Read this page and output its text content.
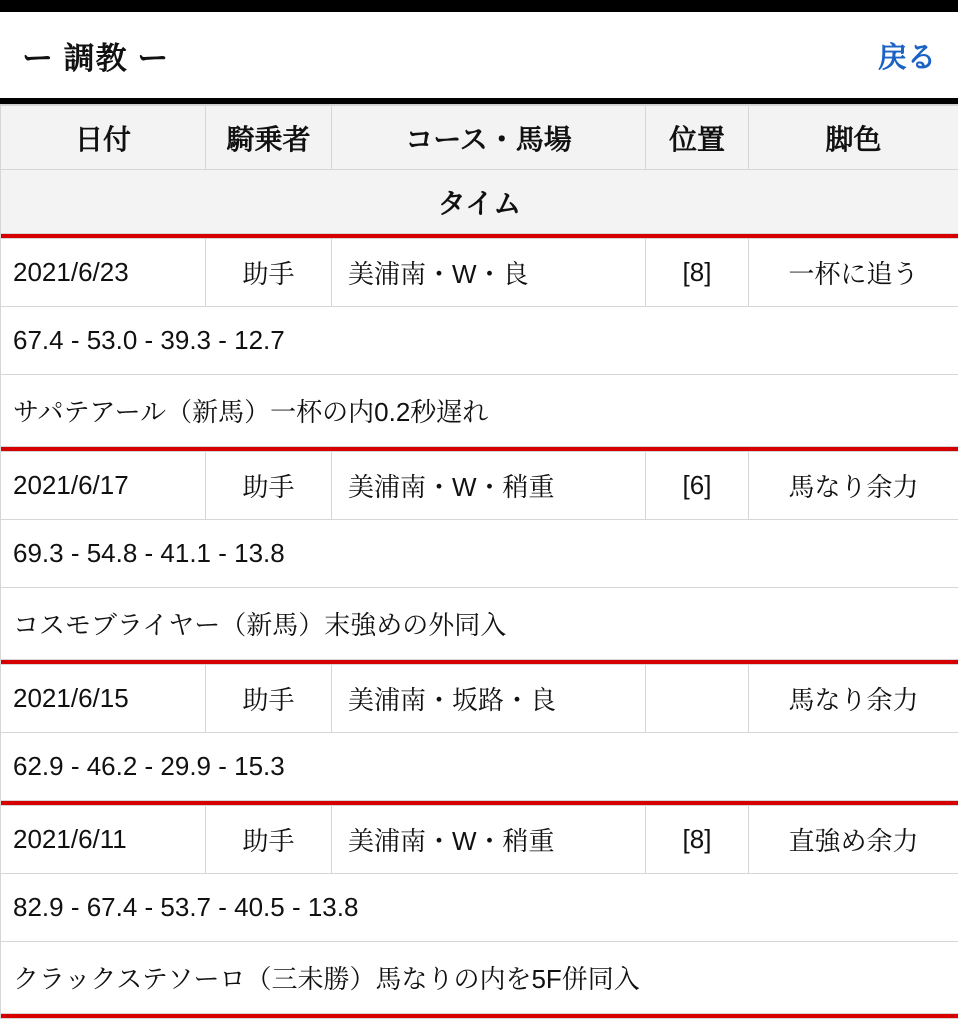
ー 調教 ー	戻る
日付	騎乗者	コース・馬場	位置	脚色
タイム				

2021/6/23	助手	美浦南・W・良	[8]	一杯に追う
67.4 - 53.0 - 39.3 - 12.7				
サパテアール（新馬）一杯の内0.2秒遅れ				

2021/6/17	助手	美浦南・W・稍重	[6]	馬なり余力
69.3 - 54.8 - 41.1 - 13.8				
コスモブライヤー（新馬）末強めの外同入				

2021/6/15	助手	美浦南・坂路・良		馬なり余力
62.9 - 46.2 - 29.9 - 15.3				

2021/6/11	助手	美浦南・W・稍重	[8]	直強め余力
82.9 - 67.4 - 53.7 - 40.5 - 13.8				
クラックステソーロ（三未勝）馬なりの内を5F併同入				
